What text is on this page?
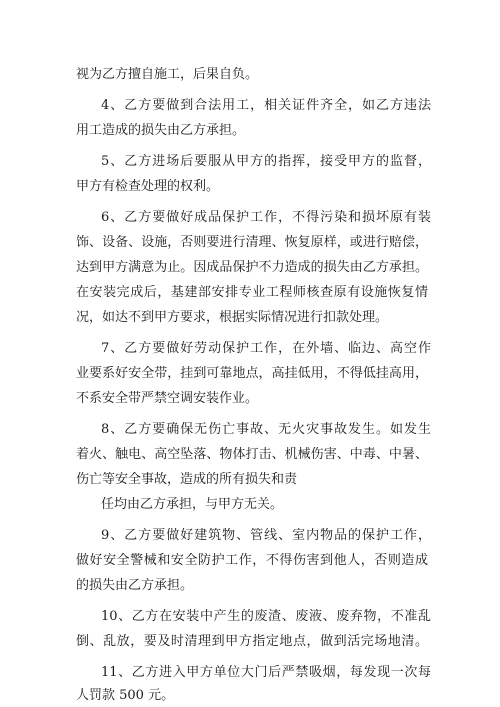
视为乙方擅自施工，后果自负。
4、乙方要做到合法用工，相关证件齐全，如乙方违法
用工造成的损失由乙方承担。
5、乙方进场后要服从甲方的指挥，接受甲方的监督，
甲方有检查处理的权利。
6、乙方要做好成品保护工作，不得污染和损坏原有装
饰、设备、设施，否则要进行清理、恢复原样，或进行赔偿，
达到甲方满意为止。因成品保护不力造成的损失由乙方承担。
在安装完成后，基建部安排专业工程师核查原有设施恢复情
况，如达不到甲方要求，根据实际情况进行扣款处理。
7、乙方要做好劳动保护工作，在外墙、临边、高空作
业要系好安全带，挂到可靠地点，高挂低用，不得低挂高用，
不系安全带严禁空调安装作业。
8、乙方要确保无伤亡事故、无火灾事故发生。如发生
着火、触电、高空坠落、物体打击、机械伤害、中毒、中暑、
伤亡等安全事故，造成的所有损失和责
任均由乙方承担，与甲方无关。
9、乙方要做好建筑物、管线、室内物品的保护工作，
做好安全警械和安全防护工作，不得伤害到他人，否则造成
的损失由乙方承担。
10、乙方在安装中产生的废渣、废液、废弃物，不准乱
倒、乱放，要及时清理到甲方指定地点，做到活完场地清。
11、乙方进入甲方单位大门后严禁吸烟，每发现一次每
人罚款 500 元。
